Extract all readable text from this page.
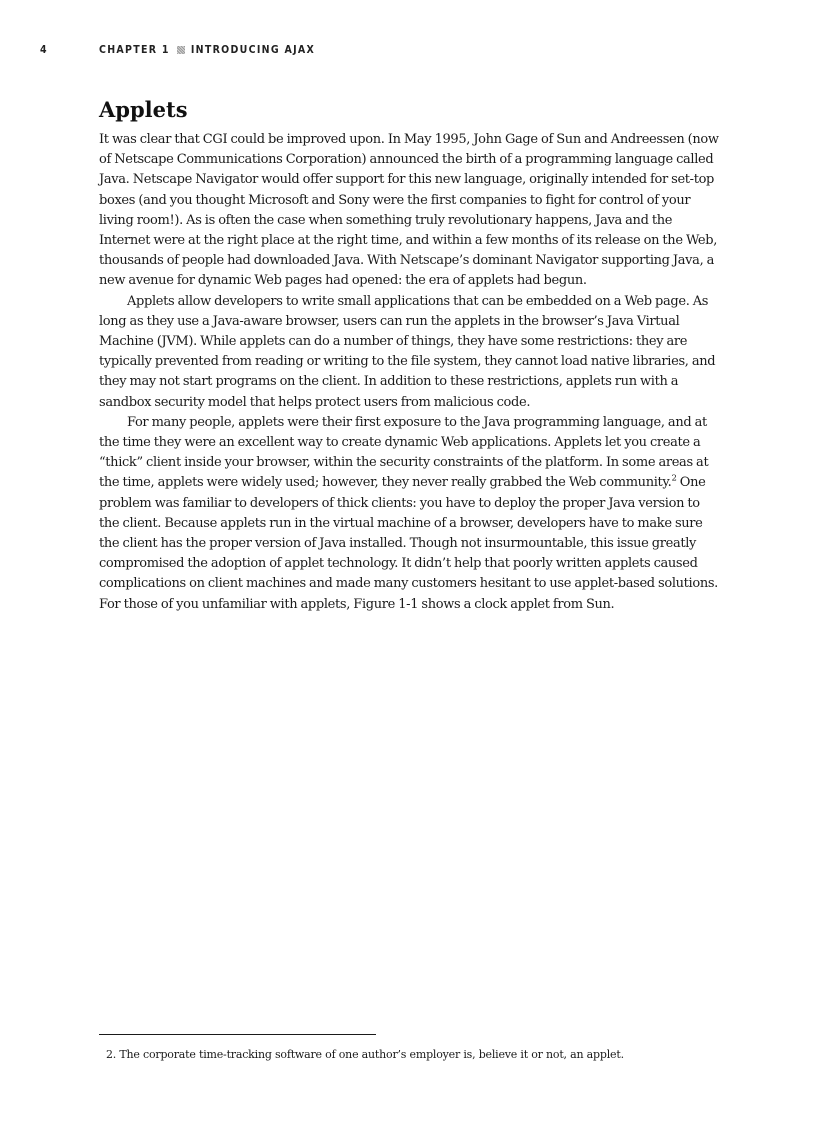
4	CHAPTER 1 INTRODUCING AJAX
Applets

It was clear that CGI could be improved upon. In May 1995, John Gage of Sun and Andreessen (now of Netscape Communications Corporation) announced the birth of a programming language called Java. Netscape Navigator would offer support for this new language, originally intended for set-top boxes (and you thought Microsoft and Sony were the first companies to fight for control of your living room!). As is often the case when something truly revolutionary happens, Java and the Internet were at the right place at the right time, and within a few months of its release on the Web, thousands of people had downloaded Java. With Netscape’s dominant Navigator supporting Java, a new avenue for dynamic Web pages had opened: the era of applets had begun.

Applets allow developers to write small applications that can be embedded on a Web page. As long as they use a Java-aware browser, users can run the applets in the browser’s Java Virtual Machine (JVM). While applets can do a number of things, they have some restrictions: they are typically prevented from reading or writing to the file system, they cannot load native libraries, and they may not start programs on the client. In addition to these restrictions, applets run with a sandbox security model that helps protect users from malicious code.

For many people, applets were their first exposure to the Java programming language, and at the time they were an excellent way to create dynamic Web applications. Applets let you create a “thick” client inside your browser, within the security constraints of the platform. In some areas at the time, applets were widely used; however, they never really grabbed the Web community.$^2$ One problem was familiar to developers of thick clients: you have to deploy the proper Java version to the client. Because applets run in the virtual machine of a browser, developers have to make sure the client has the proper version of Java installed. Though not insurmountable, this issue greatly compromised the adoption of applet technology. It didn’t help that poorly written applets caused complications on client machines and made many customers hesitant to use applet-based solutions. For those of you unfamiliar with applets, Figure 1-1 shows a clock applet from Sun.

2. The corporate time-tracking software of one author’s employer is, believe it or not, an applet.
